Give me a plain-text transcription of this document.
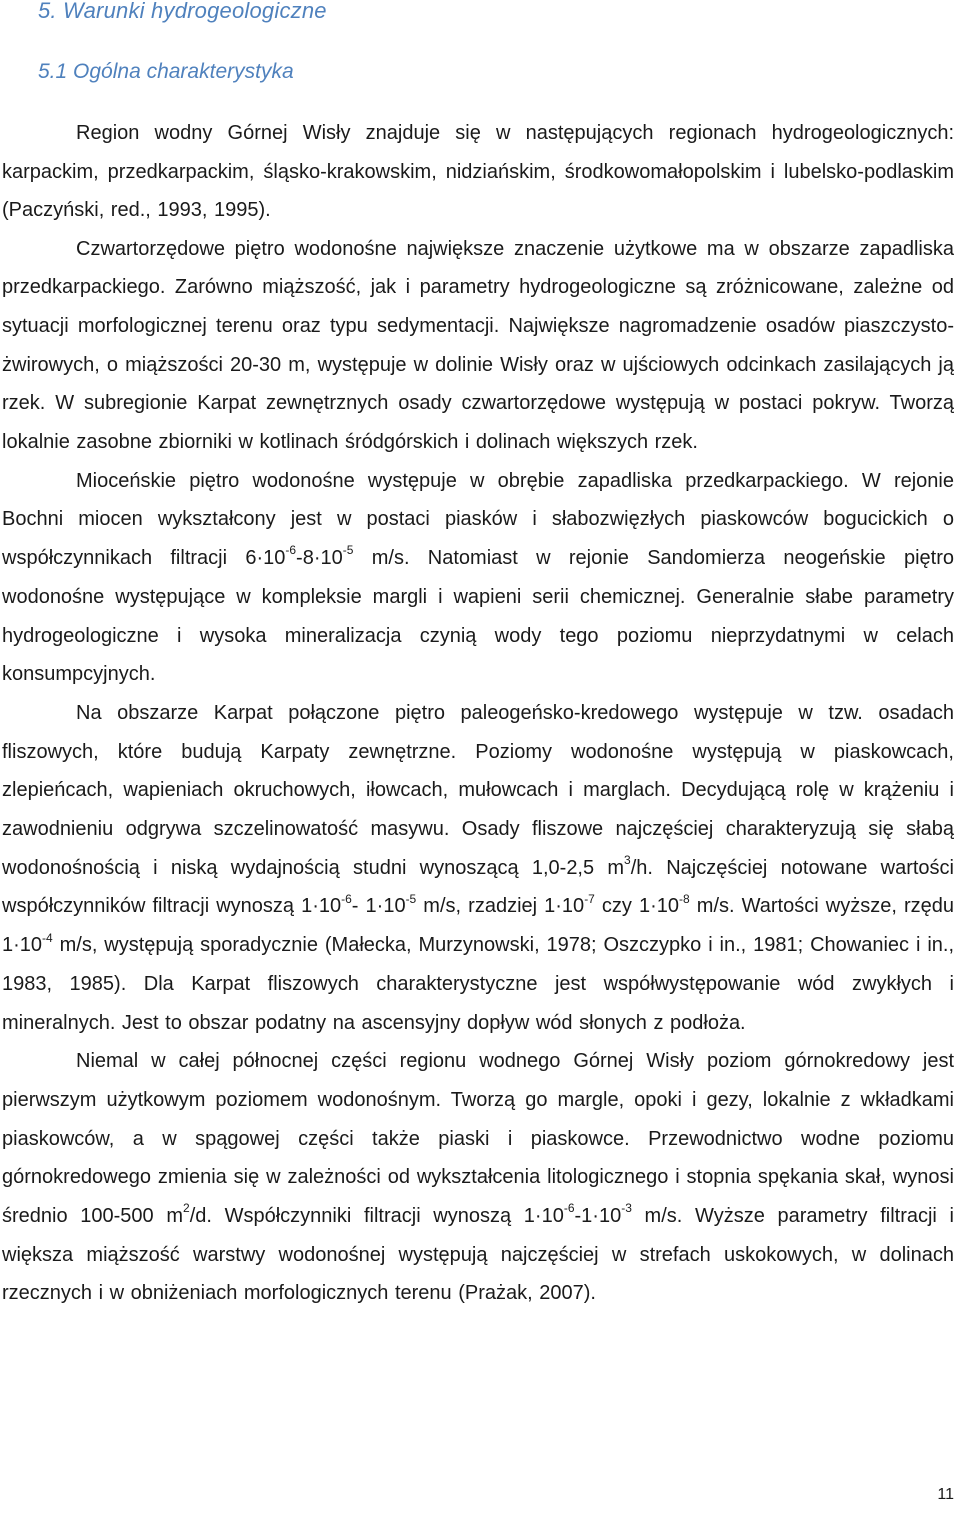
5. Warunki hydrogeologiczne
5.1 Ogólna charakterystyka

Region wodny Górnej Wisły znajduje się w następujących regionach hydrogeologicznych: karpackim, przedkarpackim, śląsko-krakowskim, nidziańskim, środkowomałopolskim i lubelsko-podlaskim (Paczyński, red., 1993, 1995).

Czwartorzędowe piętro wodonośne największe znaczenie użytkowe ma w obszarze zapadliska przedkarpackiego. Zarówno miąższość, jak i parametry hydrogeologiczne są zróżnicowane, zależne od sytuacji morfologicznej terenu oraz typu sedymentacji. Największe nagromadzenie osadów piaszczysto-żwirowych, o miąższości 20-30 m, występuje w dolinie Wisły oraz w ujściowych odcinkach zasilających ją rzek. W subregionie Karpat zewnętrznych osady czwartorzędowe występują w postaci pokryw. Tworzą lokalnie zasobne zbiorniki w kotlinach śródgórskich i dolinach większych rzek.

Mioceńskie piętro wodonośne występuje w obrębie zapadliska przedkarpackiego. W rejonie Bochni miocen wykształcony jest w postaci piasków i słabozwięzłych piaskowców bogucickich o współczynnikach filtracji $6\cdot 10^{-6}-8\cdot 10^{-5}$ m/s. Natomiast w rejonie Sandomierza neogeńskie piętro wodonośne występujące w kompleksie margli i wapieni serii chemicznej. Generalnie słabe parametry hydrogeologiczne i wysoka mineralizacja czynią wody tego poziomu nieprzydatnymi w celach konsumpcyjnych.

Na obszarze Karpat połączone piętro paleogeńsko-kredowego występuje w tzw. osadach fliszowych, które budują Karpaty zewnętrzne. Poziomy wodonośne występują w piaskowcach, zlepieńcach, wapieniach okruchowych, iłowcach, mułowcach i marglach. Decydującą rolę w krążeniu i zawodnieniu odgrywa szczelinowatość masywu. Osady fliszowe najczęściej charakteryzują się słabą wodonośnością i niską wydajnością studni wynoszącą 1,0-2,5 $m^3/h$. Najczęściej notowane wartości współczynników filtracji wynoszą $1\cdot 10^{-6}-$ $1\cdot 10^{-5}$ m/s, rzadziej $1\cdot 10^{-7}$ czy $1\cdot 10^{-8}$ m/s. Wartości wyższe, rzędu $1\cdot 10^{-4}$ m/s, występują sporadycznie (Małecka, Murzynowski, 1978; Oszczypko i in., 1981; Chowaniec i in., 1983, 1985). Dla Karpat fliszowych charakterystyczne jest współwystępowanie wód zwykłych i mineralnych. Jest to obszar podatny na ascensyjny dopływ wód słonych z podłoża.

Niemal w całej północnej części regionu wodnego Górnej Wisły poziom górnokredowy jest pierwszym użytkowym poziomem wodonośnym. Tworzą go margle, opoki i gezy, lokalnie z wkładkami piaskowców, a w spągowej części także piaski i piaskowce. Przewodnictwo wodne poziomu górnokredowego zmienia się w zależności od wykształcenia litologicznego i stopnia spękania skał, wynosi średnio 100-500 $m^2/d$. Współczynniki filtracji wynoszą $1\cdot 10^{-6}-1\cdot 10^{-3}$ m/s. Wyższe parametry filtracji i większa miąższość warstwy wodonośnej występują najczęściej w strefach uskokowych, w dolinach rzecznych i w obniżeniach morfologicznych terenu (Prażak, 2007).

11
